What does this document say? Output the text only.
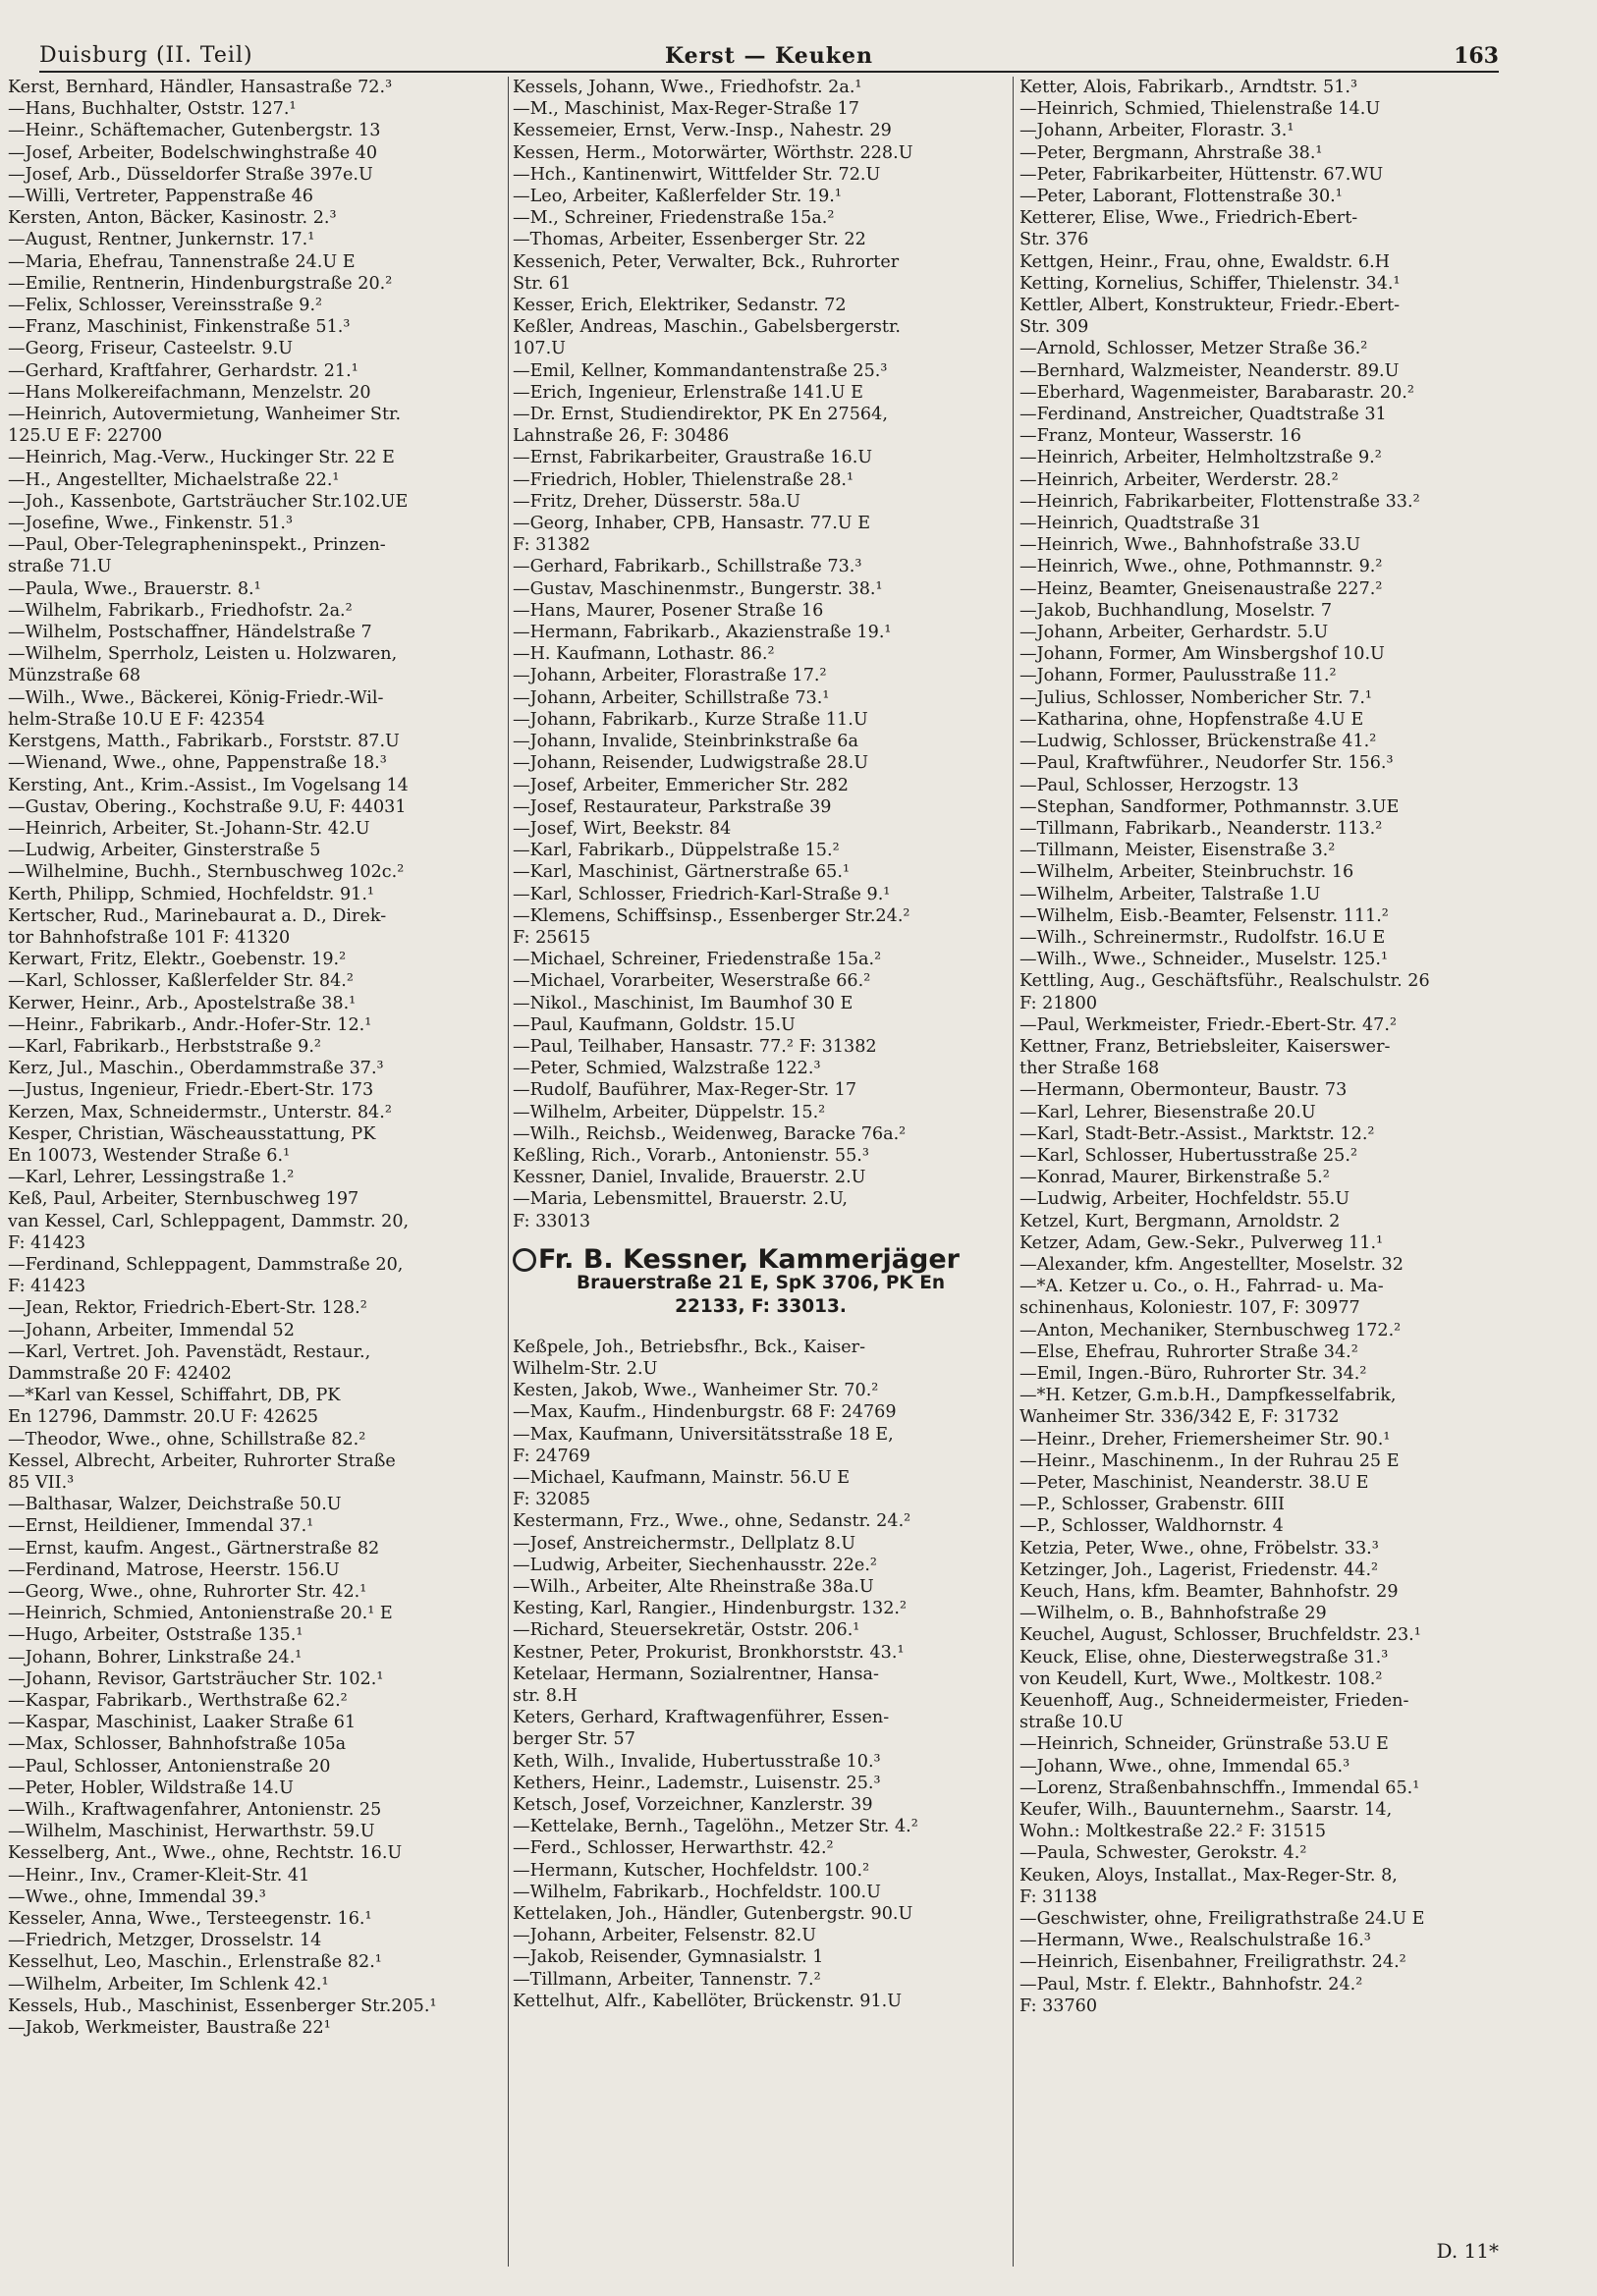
Duisburg (II. Teil)	Kerst — Keuken	163
Kerst, Bernhard, Händler, Hansastraße 72.³
—Hans, Buchhalter, Oststr. 127.¹
—Heinr., Schäftemacher, Gutenbergstr. 13
—Josef, Arbeiter, Bodelschwinghstraße 40
—Josef, Arb., Düsseldorfer Straße 397e.U
—Willi, Vertreter, Pappenstraße 46
Kersten, Anton, Bäcker, Kasinostr. 2.³
—August, Rentner, Junkernstr. 17.¹
—Maria, Ehefrau, Tannenstraße 24.U E
—Emilie, Rentnerin, Hindenburgstraße 20.²
—Felix, Schlosser, Vereinsstraße 9.²
—Franz, Maschinist, Finkenstraße 51.³
—Georg, Friseur, Casteelstr. 9.U
—Gerhard, Kraftfahrer, Gerhardstr. 21.¹
—Hans Molkereifachmann, Menzelstr. 20
—Heinrich, Autovermietung, Wanheimer Str.
125.U E F: 22700
—Heinrich, Mag.-Verw., Huckinger Str. 22 E
—H., Angestellter, Michaelstraße 22.¹
—Joh., Kassenbote, Gartsträucher Str.102.UE
—Josefine, Wwe., Finkenstr. 51.³
—Paul, Ober-Telegrapheninspekt., Prinzen-
straße 71.U
—Paula, Wwe., Brauerstr. 8.¹
—Wilhelm, Fabrikarb., Friedhofstr. 2a.²
—Wilhelm, Postschaffner, Händelstraße 7
—Wilhelm, Sperrholz, Leisten u. Holzwaren,
Münzstraße 68
—Wilh., Wwe., Bäckerei, König-Friedr.-Wil-
helm-Straße 10.U E F: 42354
Kerstgens, Matth., Fabrikarb., Forststr. 87.U
—Wienand, Wwe., ohne, Pappenstraße 18.³
Kersting, Ant., Krim.-Assist., Im Vogelsang 14
—Gustav, Obering., Kochstraße 9.U, F: 44031
—Heinrich, Arbeiter, St.-Johann-Str. 42.U
—Ludwig, Arbeiter, Ginsterstraße 5
—Wilhelmine, Buchh., Sternbuschweg 102c.²
Kerth, Philipp, Schmied, Hochfeldstr. 91.¹
Kertscher, Rud., Marinebaurat a. D., Direk-
tor Bahnhofstraße 101 F: 41320
Kerwart, Fritz, Elektr., Goebenstr. 19.²
—Karl, Schlosser, Kaßlerfelder Str. 84.²
Kerwer, Heinr., Arb., Apostelstraße 38.¹
—Heinr., Fabrikarb., Andr.-Hofer-Str. 12.¹
—Karl, Fabrikarb., Herbststraße 9.²
Kerz, Jul., Maschin., Oberdammstraße 37.³
—Justus, Ingenieur, Friedr.-Ebert-Str. 173
Kerzen, Max, Schneidermstr., Unterstr. 84.²
Kesper, Christian, Wäscheausstattung, PK
En 10073, Westender Straße 6.¹
—Karl, Lehrer, Lessingstraße 1.²
Keß, Paul, Arbeiter, Sternbuschweg 197
van Kessel, Carl, Schleppagent, Dammstr. 20,
F: 41423
—Ferdinand, Schleppagent, Dammstraße 20,
F: 41423
—Jean, Rektor, Friedrich-Ebert-Str. 128.²
—Johann, Arbeiter, Immendal 52
—Karl, Vertret. Joh. Pavenstädt, Restaur.,
Dammstraße 20 F: 42402
—*Karl van Kessel, Schiffahrt, DB, PK
En 12796, Dammstr. 20.U F: 42625
—Theodor, Wwe., ohne, Schillstraße 82.²
Kessel, Albrecht, Arbeiter, Ruhrorter Straße
85 VII.³
—Balthasar, Walzer, Deichstraße 50.U
—Ernst, Heildiener, Immendal 37.¹
—Ernst, kaufm. Angest., Gärtnerstraße 82
—Ferdinand, Matrose, Heerstr. 156.U
—Georg, Wwe., ohne, Ruhrorter Str. 42.¹
—Heinrich, Schmied, Antonienstraße 20.¹ E
—Hugo, Arbeiter, Oststraße 135.¹
—Johann, Bohrer, Linkstraße 24.¹
—Johann, Revisor, Gartsträucher Str. 102.¹
—Kaspar, Fabrikarb., Werthstraße 62.²
—Kaspar, Maschinist, Laaker Straße 61
—Max, Schlosser, Bahnhofstraße 105a
—Paul, Schlosser, Antonienstraße 20
—Peter, Hobler, Wildstraße 14.U
—Wilh., Kraftwagenfahrer, Antonienstr. 25
—Wilhelm, Maschinist, Herwarthstr. 59.U
Kesselberg, Ant., Wwe., ohne, Rechtstr. 16.U
—Heinr., Inv., Cramer-Kleit-Str. 41
—Wwe., ohne, Immendal 39.³
Kesseler, Anna, Wwe., Tersteegenstr. 16.¹
—Friedrich, Metzger, Drosselstr. 14
Kesselhut, Leo, Maschin., Erlenstraße 82.¹
—Wilhelm, Arbeiter, Im Schlenk 42.¹
Kessels, Hub., Maschinist, Essenberger Str.205.¹
—Jakob, Werkmeister, Baustraße 22¹
Kessels, Johann, Wwe., Friedhofstr. 2a.¹
—M., Maschinist, Max-Reger-Straße 17
Kessemeier, Ernst, Verw.-Insp., Nahestr. 29
Kessen, Herm., Motorwärter, Wörthstr. 228.U
—Hch., Kantinenwirt, Wittfelder Str. 72.U
—Leo, Arbeiter, Kaßlerfelder Str. 19.¹
—M., Schreiner, Friedenstraße 15a.²
—Thomas, Arbeiter, Essenberger Str. 22
Kessenich, Peter, Verwalter, Bck., Ruhrorter
Str. 61
Kesser, Erich, Elektriker, Sedanstr. 72
Keßler, Andreas, Maschin., Gabelsbergerstr.
107.U
—Emil, Kellner, Kommandantenstraße 25.³
—Erich, Ingenieur, Erlenstraße 141.U E
—Dr. Ernst, Studiendirektor, PK En 27564,
Lahnstraße 26, F: 30486
—Ernst, Fabrikarbeiter, Graustraße 16.U
—Friedrich, Hobler, Thielenstraße 28.¹
—Fritz, Dreher, Düsserstr. 58a.U
—Georg, Inhaber, CPB, Hansastr. 77.U E
F: 31382
—Gerhard, Fabrikarb., Schillstraße 73.³
—Gustav, Maschinenmstr., Bungerstr. 38.¹
—Hans, Maurer, Posener Straße 16
—Hermann, Fabrikarb., Akazienstraße 19.¹
—H. Kaufmann, Lothastr. 86.²
—Johann, Arbeiter, Florastraße 17.²
—Johann, Arbeiter, Schillstraße 73.¹
—Johann, Fabrikarb., Kurze Straße 11.U
—Johann, Invalide, Steinbrinkstraße 6a
—Johann, Reisender, Ludwigstraße 28.U
—Josef, Arbeiter, Emmericher Str. 282
—Josef, Restaurateur, Parkstraße 39
—Josef, Wirt, Beekstr. 84
—Karl, Fabrikarb., Düppelstraße 15.²
—Karl, Maschinist, Gärtnerstraße 65.¹
—Karl, Schlosser, Friedrich-Karl-Straße 9.¹
—Klemens, Schiffsinsp., Essenberger Str.24.²
F: 25615
—Michael, Schreiner, Friedenstraße 15a.²
—Michael, Vorarbeiter, Weserstraße 66.²
—Nikol., Maschinist, Im Baumhof 30 E
—Paul, Kaufmann, Goldstr. 15.U
—Paul, Teilhaber, Hansastr. 77.² F: 31382
—Peter, Schmied, Walzstraße 122.³
—Rudolf, Bauführer, Max-Reger-Str. 17
—Wilhelm, Arbeiter, Düppelstr. 15.²
—Wilh., Reichsb., Weidenweg, Baracke 76a.²
Keßling, Rich., Vorarb., Antonienstr. 55.³
Kessner, Daniel, Invalide, Brauerstr. 2.U
—Maria, Lebensmittel, Brauerstr. 2.U,
F: 33013
Fr. B. Kessner, Kammerjäger
Brauerstraße 21 E, SpK 3706, PK En
22133, F: 33013.
Keßpele, Joh., Betriebsfhr., Bck., Kaiser-
Wilhelm-Str. 2.U
Kesten, Jakob, Wwe., Wanheimer Str. 70.²
—Max, Kaufm., Hindenburgstr. 68 F: 24769
—Max, Kaufmann, Universitätsstraße 18 E,
F: 24769
—Michael, Kaufmann, Mainstr. 56.U E
F: 32085
Kestermann, Frz., Wwe., ohne, Sedanstr. 24.²
—Josef, Anstreichermstr., Dellplatz 8.U
—Ludwig, Arbeiter, Siechenhausstr. 22e.²
—Wilh., Arbeiter, Alte Rheinstraße 38a.U
Kesting, Karl, Rangier., Hindenburgstr. 132.²
—Richard, Steuersekretär, Oststr. 206.¹
Kestner, Peter, Prokurist, Bronkhorststr. 43.¹
Ketelaar, Hermann, Sozialrentner, Hansa-
str. 8.H
Keters, Gerhard, Kraftwagenführer, Essen-
berger Str. 57
Keth, Wilh., Invalide, Hubertusstraße 10.³
Kethers, Heinr., Lademstr., Luisenstr. 25.³
Ketsch, Josef, Vorzeichner, Kanzlerstr. 39
—Kettelake, Bernh., Tagelöhn., Metzer Str. 4.²
—Ferd., Schlosser, Herwarthstr. 42.²
—Hermann, Kutscher, Hochfeldstr. 100.²
—Wilhelm, Fabrikarb., Hochfeldstr. 100.U
Kettelaken, Joh., Händler, Gutenbergstr. 90.U
—Johann, Arbeiter, Felsenstr. 82.U
—Jakob, Reisender, Gymnasialstr. 1
—Tillmann, Arbeiter, Tannenstr. 7.²
Kettelhut, Alfr., Kabellöter, Brückenstr. 91.U
Ketter, Alois, Fabrikarb., Arndtstr. 51.³
—Heinrich, Schmied, Thielenstraße 14.U
—Johann, Arbeiter, Florastr. 3.¹
—Peter, Bergmann, Ahrstraße 38.¹
—Peter, Fabrikarbeiter, Hüttenstr. 67.WU
—Peter, Laborant, Flottenstraße 30.¹
Ketterer, Elise, Wwe., Friedrich-Ebert-
Str. 376
Kettgen, Heinr., Frau, ohne, Ewaldstr. 6.H
Ketting, Kornelius, Schiffer, Thielenstr. 34.¹
Kettler, Albert, Konstrukteur, Friedr.-Ebert-
Str. 309
—Arnold, Schlosser, Metzer Straße 36.²
—Bernhard, Walzmeister, Neanderstr. 89.U
—Eberhard, Wagenmeister, Barabarastr. 20.²
—Ferdinand, Anstreicher, Quadtstraße 31
—Franz, Monteur, Wasserstr. 16
—Heinrich, Arbeiter, Helmholtzstraße 9.²
—Heinrich, Arbeiter, Werderstr. 28.²
—Heinrich, Fabrikarbeiter, Flottenstraße 33.²
—Heinrich, Quadtstraße 31
—Heinrich, Wwe., Bahnhofstraße 33.U
—Heinrich, Wwe., ohne, Pothmannstr. 9.²
—Heinz, Beamter, Gneisenaustraße 227.²
—Jakob, Buchhandlung, Moselstr. 7
—Johann, Arbeiter, Gerhardstr. 5.U
—Johann, Former, Am Winsbergshof 10.U
—Johann, Former, Paulusstraße 11.²
—Julius, Schlosser, Nombericher Str. 7.¹
—Katharina, ohne, Hopfenstraße 4.U E
—Ludwig, Schlosser, Brückenstraße 41.²
—Paul, Kraftwführer., Neudorfer Str. 156.³
—Paul, Schlosser, Herzogstr. 13
—Stephan, Sandformer, Pothmannstr. 3.UE
—Tillmann, Fabrikarb., Neanderstr. 113.²
—Tillmann, Meister, Eisenstraße 3.²
—Wilhelm, Arbeiter, Steinbruchstr. 16
—Wilhelm, Arbeiter, Talstraße 1.U
—Wilhelm, Eisb.-Beamter, Felsenstr. 111.²
—Wilh., Schreinermstr., Rudolfstr. 16.U E
—Wilh., Wwe., Schneider., Muselstr. 125.¹
Kettling, Aug., Geschäftsführ., Realschulstr. 26
F: 21800
—Paul, Werkmeister, Friedr.-Ebert-Str. 47.²
Kettner, Franz, Betriebsleiter, Kaiserswer-
ther Straße 168
—Hermann, Obermonteur, Baustr. 73
—Karl, Lehrer, Biesenstraße 20.U
—Karl, Stadt-Betr.-Assist., Marktstr. 12.²
—Karl, Schlosser, Hubertusstraße 25.²
—Konrad, Maurer, Birkenstraße 5.²
—Ludwig, Arbeiter, Hochfeldstr. 55.U
Ketzel, Kurt, Bergmann, Arnoldstr. 2
Ketzer, Adam, Gew.-Sekr., Pulverweg 11.¹
—Alexander, kfm. Angestellter, Moselstr. 32
—*A. Ketzer u. Co., o. H., Fahrrad- u. Ma-
schinenhaus, Koloniestr. 107, F: 30977
—Anton, Mechaniker, Sternbuschweg 172.²
—Else, Ehefrau, Ruhrorter Straße 34.²
—Emil, Ingen.-Büro, Ruhrorter Str. 34.²
—*H. Ketzer, G.m.b.H., Dampfkesselfabrik,
Wanheimer Str. 336/342 E, F: 31732
—Heinr., Dreher, Friemersheimer Str. 90.¹
—Heinr., Maschinenm., In der Ruhrau 25 E
—Peter, Maschinist, Neanderstr. 38.U E
—P., Schlosser, Grabenstr. 6III
—P., Schlosser, Waldhornstr. 4
Ketzia, Peter, Wwe., ohne, Fröbelstr. 33.³
Ketzinger, Joh., Lagerist, Friedenstr. 44.²
Keuch, Hans, kfm. Beamter, Bahnhofstr. 29
—Wilhelm, o. B., Bahnhofstraße 29
Keuchel, August, Schlosser, Bruchfeldstr. 23.¹
Keuck, Elise, ohne, Diesterwegstraße 31.³
von Keudell, Kurt, Wwe., Moltkestr. 108.²
Keuenhoff, Aug., Schneidermeister, Frieden-
straße 10.U
—Heinrich, Schneider, Grünstraße 53.U E
—Johann, Wwe., ohne, Immendal 65.³
—Lorenz, Straßenbahnschffn., Immendal 65.¹
Keufer, Wilh., Bauunternehm., Saarstr. 14,
Wohn.: Moltkestraße 22.² F: 31515
—Paula, Schwester, Gerokstr. 4.²
Keuken, Aloys, Installat., Max-Reger-Str. 8,
F: 31138
—Geschwister, ohne, Freiligrathstraße 24.U E
—Hermann, Wwe., Realschulstraße 16.³
—Heinrich, Eisenbahner, Freiligrathstr. 24.²
—Paul, Mstr. f. Elektr., Bahnhofstr. 24.²
F: 33760
D. 11*
